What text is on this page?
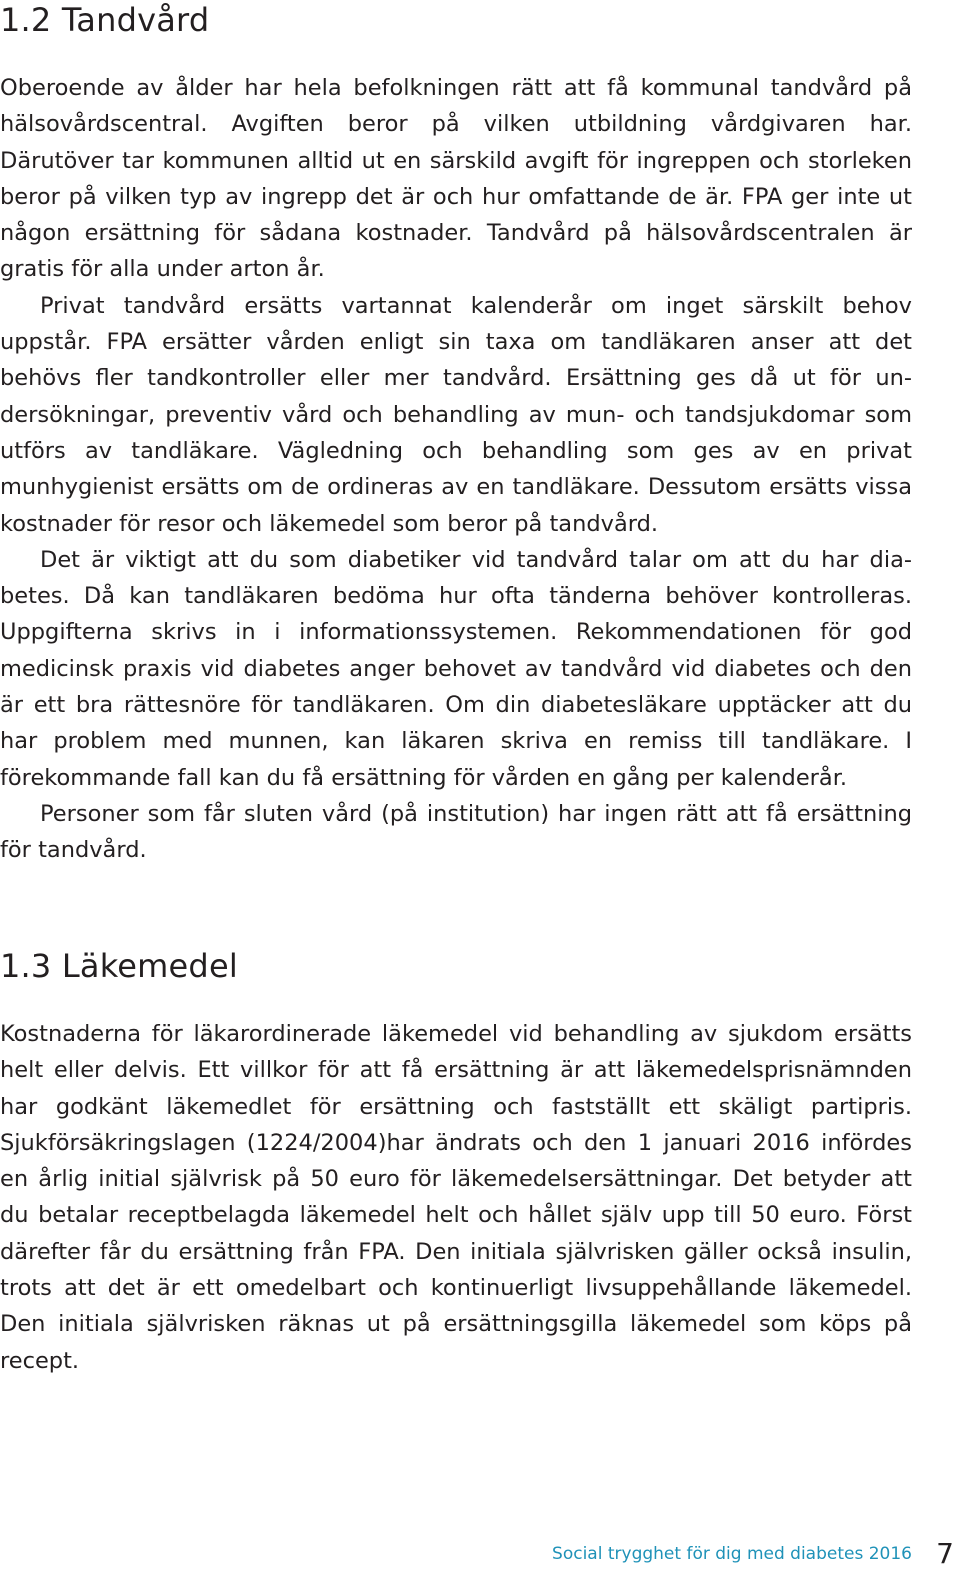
1.2 Tandvård

Oberoende av ålder har hela befolkningen rätt att få kommunal tandvård på hälsovårdscentral. Avgiften beror på vilken utbildning vårdgivaren har. Därutöver tar kommunen alltid ut en särskild avgift för ingreppen och storleken beror på vilken typ av ingrepp det är och hur omfattande de är. FPA ger inte ut någon ersättning för sådana kostnader. Tandvård på hälsovårdscentralen är gratis för alla under arton år.

Privat tandvård ersätts vartannat kalenderår om inget särskilt behov uppstår. FPA ersätter vården enligt sin taxa om tandläkaren anser att det behövs fler tandkontroller eller mer tandvård. Ersättning ges då ut för undersökningar, preventiv vård och behandling av mun- och tandsjukdomar som utförs av tandläkare. Vägledning och behandling som ges av en privat munhygienist ersätts om de ordineras av en tandläkare. Dessutom ersätts vissa kostnader för resor och läkemedel som beror på tandvård.

Det är viktigt att du som diabetiker vid tandvård talar om att du har diabetes. Då kan tandläkaren bedöma hur ofta tänderna behöver kontrolleras. Uppgifterna skrivs in i informationssystemen. Rekommendationen för god medicinsk praxis vid diabetes anger behovet av tandvård vid diabetes och den är ett bra rättesnöre för tandläkaren. Om din diabetesläkare upptäcker att du har problem med munnen, kan läkaren skriva en remiss till tandläkare. I förekommande fall kan du få ersättning för vården en gång per kalenderår.

Personer som får sluten vård (på institution) har ingen rätt att få ersättning för tandvård.

1.3 Läkemedel

Kostnaderna för läkarordinerade läkemedel vid behandling av sjukdom ersätts helt eller delvis. Ett villkor för att få ersättning är att läkemedelsprisnämnden har godkänt läkemedlet för ersättning och fastställt ett skäligt partipris. Sjukförsäkringslagen (1224/2004)har ändrats och den 1 januari 2016 infördes en årlig initial självrisk på 50 euro för läkemedelsersättningar. Det betyder att du betalar receptbelagda läkemedel helt och hållet själv upp till 50 euro. Först därefter får du ersättning från FPA. Den initiala självrisken gäller också insulin, trots att det är ett omedelbart och kontinuerligt livsuppehållande läkemedel. Den initiala självrisken räknas ut på ersättningsgilla läkemedel som köps på recept.

Social trygghet för dig med diabetes 2016 7
